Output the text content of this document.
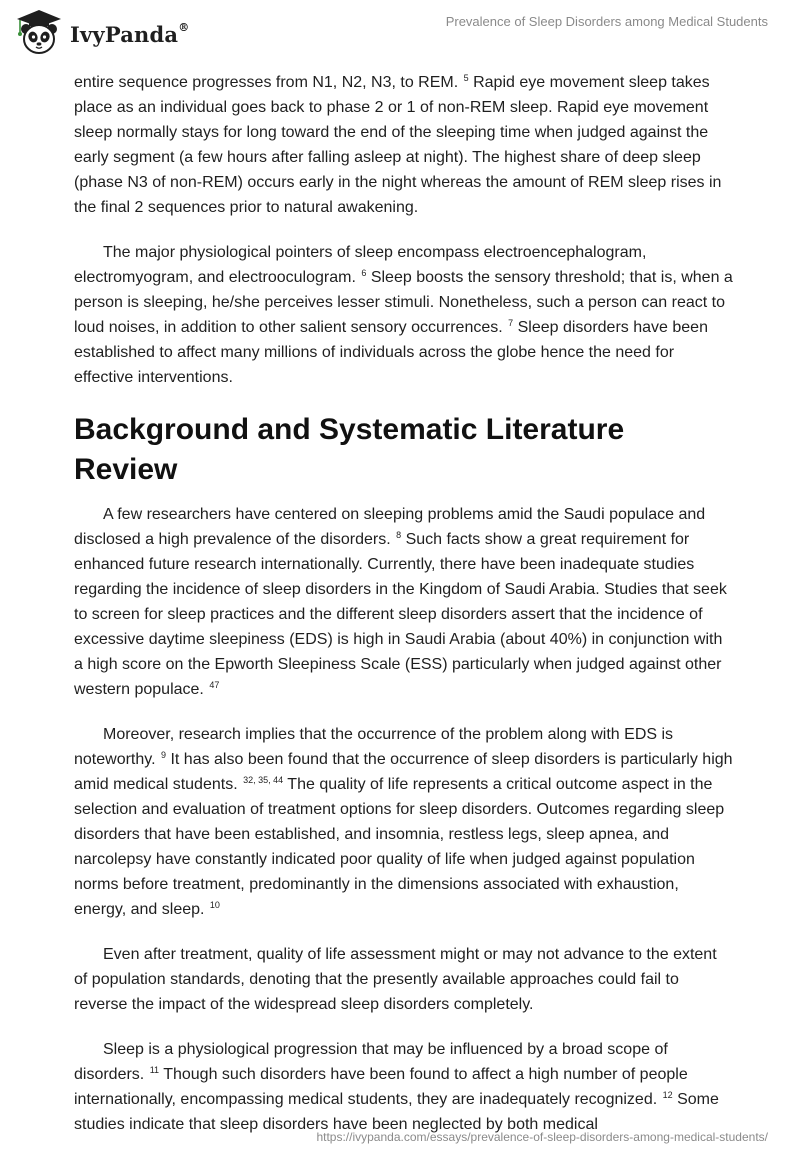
IvyPanda®	Prevalence of Sleep Disorders among Medical Students

entire sequence progresses from N1, N2, N3, to REM. $^5$ Rapid eye movement sleep takes place as an individual goes back to phase 2 or 1 of non-REM sleep. Rapid eye movement sleep normally stays for long toward the end of the sleeping time when judged against the early segment (a few hours after falling asleep at night). The highest share of deep sleep (phase N3 of non-REM) occurs early in the night whereas the amount of REM sleep rises in the final 2 sequences prior to natural awakening.

The major physiological pointers of sleep encompass electroencephalogram, electromyogram, and electrooculogram. $^6$ Sleep boosts the sensory threshold; that is, when a person is sleeping, he/she perceives lesser stimuli. Nonetheless, such a person can react to loud noises, in addition to other salient sensory occurrences. $^7$ Sleep disorders have been established to affect many millions of individuals across the globe hence the need for effective interventions.

Background and Systematic Literature Review

A few researchers have centered on sleeping problems amid the Saudi populace and disclosed a high prevalence of the disorders. $^8$ Such facts show a great requirement for enhanced future research internationally. Currently, there have been inadequate studies regarding the incidence of sleep disorders in the Kingdom of Saudi Arabia. Studies that seek to screen for sleep practices and the different sleep disorders assert that the incidence of excessive daytime sleepiness (EDS) is high in Saudi Arabia (about 40%) in conjunction with a high score on the Epworth Sleepiness Scale (ESS) particularly when judged against other western populace. $^{47}$

Moreover, research implies that the occurrence of the problem along with EDS is noteworthy. $^9$ It has also been found that the occurrence of sleep disorders is particularly high amid medical students. $^{32, 35, 44}$ The quality of life represents a critical outcome aspect in the selection and evaluation of treatment options for sleep disorders. Outcomes regarding sleep disorders that have been established, and insomnia, restless legs, sleep apnea, and narcolepsy have constantly indicated poor quality of life when judged against population norms before treatment, predominantly in the dimensions associated with exhaustion, energy, and sleep. $^{10}$

Even after treatment, quality of life assessment might or may not advance to the extent of population standards, denoting that the presently available approaches could fail to reverse the impact of the widespread sleep disorders completely.

Sleep is a physiological progression that may be influenced by a broad scope of disorders. $^{11}$ Though such disorders have been found to affect a high number of people internationally, encompassing medical students, they are inadequately recognized. $^{12}$ Some studies indicate that sleep disorders have been neglected by both medical

https://ivypanda.com/essays/prevalence-of-sleep-disorders-among-medical-students/
